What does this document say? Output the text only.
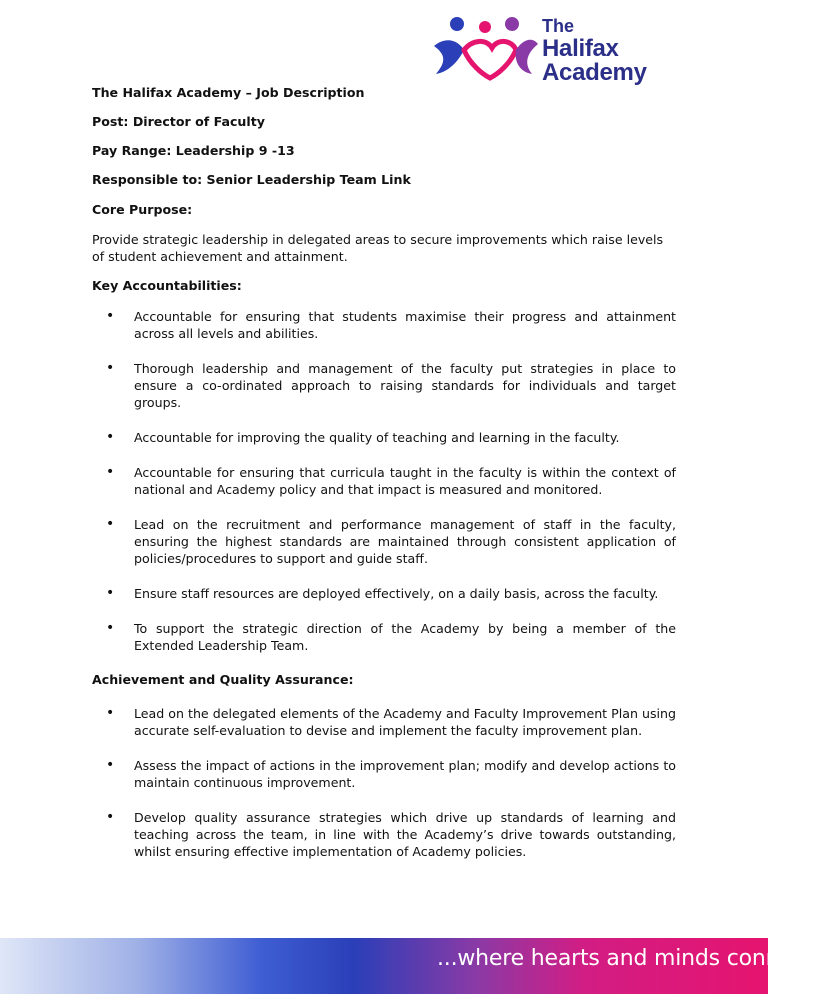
The
Halifax Academy

The Halifax Academy – Job Description

Post: Director of Faculty

Pay Range: Leadership 9 -13

Responsible to: Senior Leadership Team Link

Core Purpose:

Provide strategic leadership in delegated areas to secure improvements which raise levels of student achievement and attainment.

Key Accountabilities:

• Accountable for ensuring that students maximise their progress and attainment across all levels and abilities.
• Thorough leadership and management of the faculty put strategies in place to ensure a co-ordinated approach to raising standards for individuals and target groups.
• Accountable for improving the quality of teaching and learning in the faculty.
• Accountable for ensuring that curricula taught in the faculty is within the context of national and Academy policy and that impact is measured and monitored.
• Lead on the recruitment and performance management of staff in the faculty, ensuring the highest standards are maintained through consistent application of policies/procedures to support and guide staff.
• Ensure staff resources are deployed effectively, on a daily basis, across the faculty.
• To support the strategic direction of the Academy by being a member of the Extended Leadership Team.

Achievement and Quality Assurance:

• Lead on the delegated elements of the Academy and Faculty Improvement Plan using accurate self-evaluation to devise and implement the faculty improvement plan.
• Assess the impact of actions in the improvement plan; modify and develop actions to maintain continuous improvement.
• Develop quality assurance strategies which drive up standards of learning and teaching across the team, in line with the Academy’s drive towards outstanding, whilst ensuring effective implementation of Academy policies.
...where hearts and minds connect
